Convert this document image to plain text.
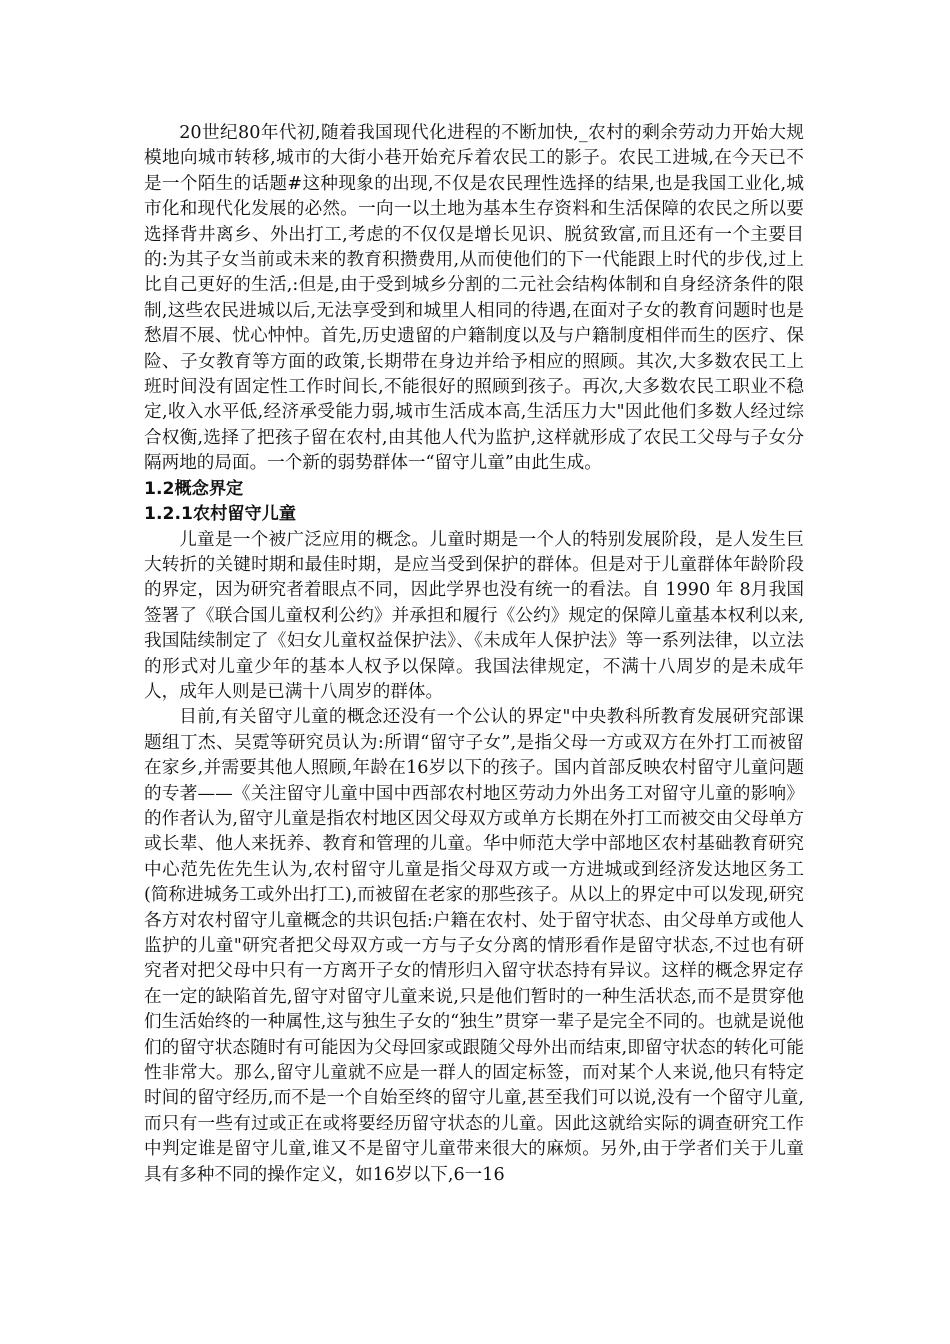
20世纪80年代初,随着我国现代化进程的不断加快,_农村的剩余劳动力开始大规模地向城市转移,城市的大街小巷开始充斥着农民工的影子。农民工进城,在今天已不是一个陌生的话题#这种现象的出现,不仅是农民理性选择的结果,也是我国工业化,城市化和现代化发展的必然。一向一以土地为基本生存资料和生活保障的农民之所以要选择背井离乡、外出打工,考虑的不仅仅是增长见识、脱贫致富,而且还有一个主要目的:为其子女当前或未来的教育积攒费用,从而使他们的下一代能跟上时代的步伐,过上比自己更好的生活,:但是,由于受到城乡分割的二元社会结构体制和自身经济条件的限制,这些农民进城以后,无法享受到和城里人相同的待遇,在面对子女的教育问题时也是愁眉不展、忧心忡忡。首先,历史遗留的户籍制度以及与户籍制度相伴而生的医疗、保险、子女教育等方面的政策,长期带在身边并给予相应的照顾。其次,大多数农民工上班时间没有固定性工作时间长,不能很好的照顾到孩子。再次,大多数农民工职业不稳定,收入水平低,经济承受能力弱,城市生活成本高,生活压力大"因此他们多数人经过综合权衡,选择了把孩子留在农村,由其他人代为监护,这样就形成了农民工父母与子女分隔两地的局面。一个新的弱势群体一“留守儿童”由此生成。

1.2概念界定
1.2.1农村留守儿童

儿童是一个被广泛应用的概念。儿童时期是一个人的特别发展阶段，是人发生巨大转折的关键时期和最佳时期，是应当受到保护的群体。但是对于儿童群体年龄阶段的界定，因为研究者着眼点不同，因此学界也没有统一的看法。自 1990 年 8月我国签署了《联合国儿童权利公约》并承担和履行《公约》规定的保障儿童基本权利以来,我国陆续制定了《妇女儿童权益保护法》、《未成年人保护法》等一系列法律，以立法的形式对儿童少年的基本人权予以保障。我国法律规定，不满十八周岁的是未成年人，成年人则是已满十八周岁的群体。

目前,有关留守儿童的概念还没有一个公认的界定"中央教科所教育发展研究部课题组丁杰、吴霓等研究员认为:所谓“留守子女”,是指父母一方或双方在外打工而被留在家乡,并需要其他人照顾,年龄在16岁以下的孩子。国内首部反映农村留守儿童问题的专著——《关注留守儿童中国中西部农村地区劳动力外出务工对留守儿童的影响》的作者认为,留守儿童是指农村地区因父母双方或单方长期在外打工而被交由父母单方或长辈、他人来抚养、教育和管理的儿童。华中师范大学中部地区农村基础教育研究中心范先佐先生认为,农村留守儿童是指父母双方或一方进城或到经济发达地区务工(简称进城务工或外出打工),而被留在老家的那些孩子。从以上的界定中可以发现,研究各方对农村留守儿童概念的共识包括:户籍在农村、处于留守状态、由父母单方或他人监护的儿童"研究者把父母双方或一方与子女分离的情形看作是留守状态,不过也有研究者对把父母中只有一方离开子女的情形归入留守状态持有异议。这样的概念界定存在一定的缺陷首先,留守对留守儿童来说,只是他们暂时的一种生活状态,而不是贯穿他们生活始终的一种属性,这与独生子女的“独生”贯穿一辈子是完全不同的。也就是说他们的留守状态随时有可能因为父母回家或跟随父母外出而结束,即留守状态的转化可能性非常大。那么,留守儿童就不应是一群人的固定标签，而对某个人来说,他只有特定时间的留守经历,而不是一个自始至终的留守儿童,甚至我们可以说,没有一个留守儿童,而只有一些有过或正在或将要经历留守状态的儿童。因此这就给实际的调查研究工作中判定谁是留守儿童,谁又不是留守儿童带来很大的麻烦。另外,由于学者们关于儿童具有多种不同的操作定义，如16岁以下,6一16
